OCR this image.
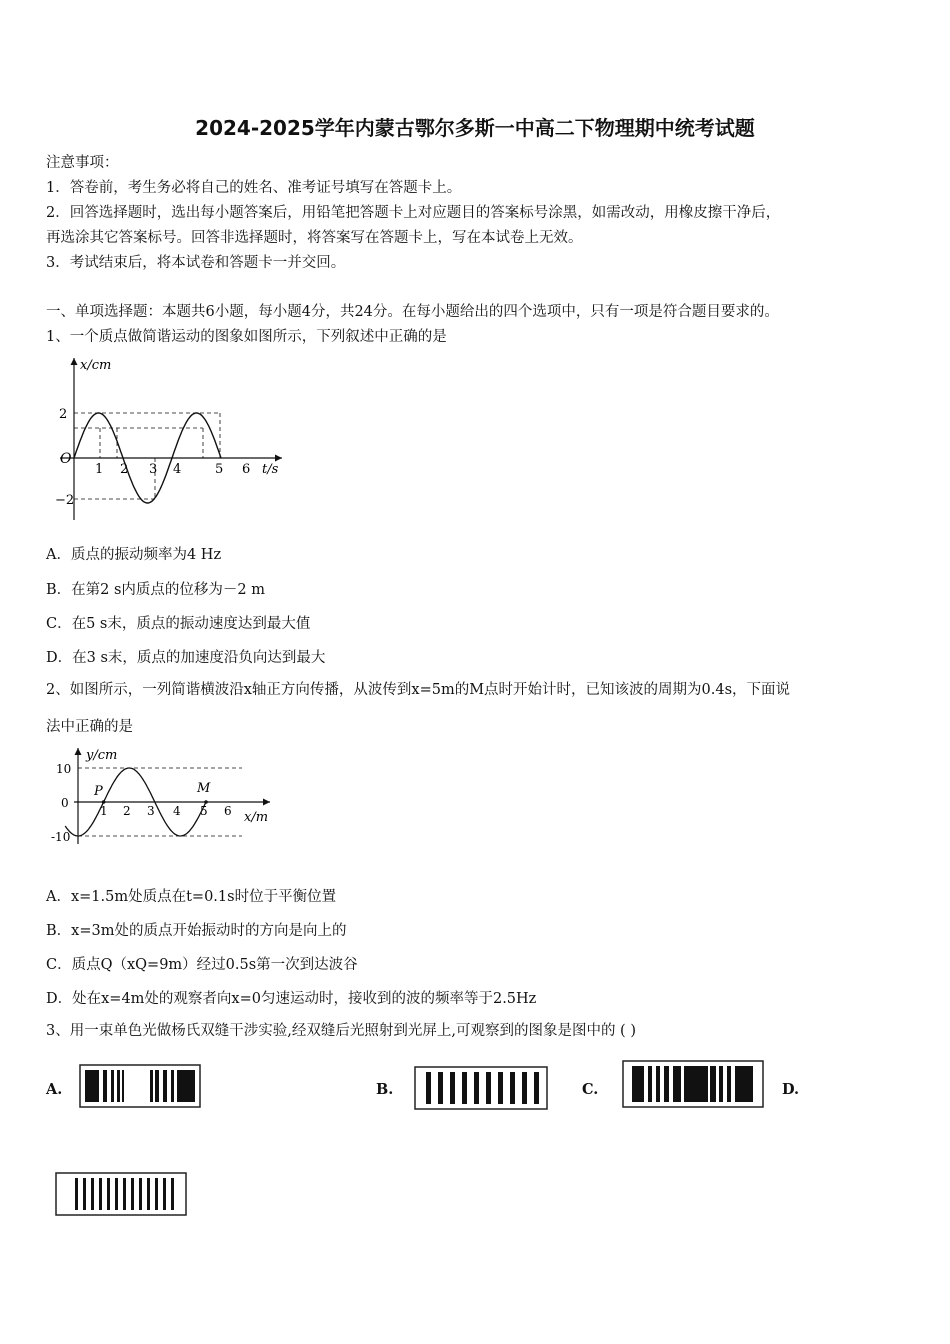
2024-2025学年内蒙古鄂尔多斯一中高二下物理期中统考试题
注意事项：
1．答卷前，考生务必将自己的姓名、准考证号填写在答题卡上。
2．回答选择题时，选出每小题答案后，用铅笔把答题卡上对应题目的答案标号涂黑，如需改动，用橡皮擦干净后，
再选涂其它答案标号。回答非选择题时，将答案写在答题卡上，写在本试卷上无效。
3．考试结束后，将本试卷和答题卡一并交回。
一、单项选择题：本题共6小题，每小题4分，共24分。在每小题给出的四个选项中，只有一项是符合题目要求的。
1、一个质点做简谐运动的图象如图所示，下列叙述中正确的是
x/cm
t/s
O
2
−2
1 2 3 4	5 6
A．质点的振动频率为4 Hz
B．在第2 s内质点的位移为－2 m
C．在5 s末，质点的振动速度达到最大值
D．在3 s末，质点的加速度沿负向达到最大
2、如图所示，一列简谐横波沿x轴正方向传播，从波传到x=5m的M点时开始计时，已知该波的周期为0.4s，下面说
法中正确的是
y/cm
x/m
0
10
-10
1 2 3 4 5 6
P	M
A．x=1.5m处质点在t=0.1s时位于平衡位置
B．x=3m处的质点开始振动时的方向是向上的
C．质点Q（xQ=9m）经过0.5s第一次到达波谷
D．处在x=4m处的观察者向x=0匀速运动时，接收到的波的频率等于2.5Hz
3、用一束单色光做杨氏双缝干涉实验,经双缝后光照射到光屏上,可观察到的图象是图中的 ( )
A.	B.	C.	D.
